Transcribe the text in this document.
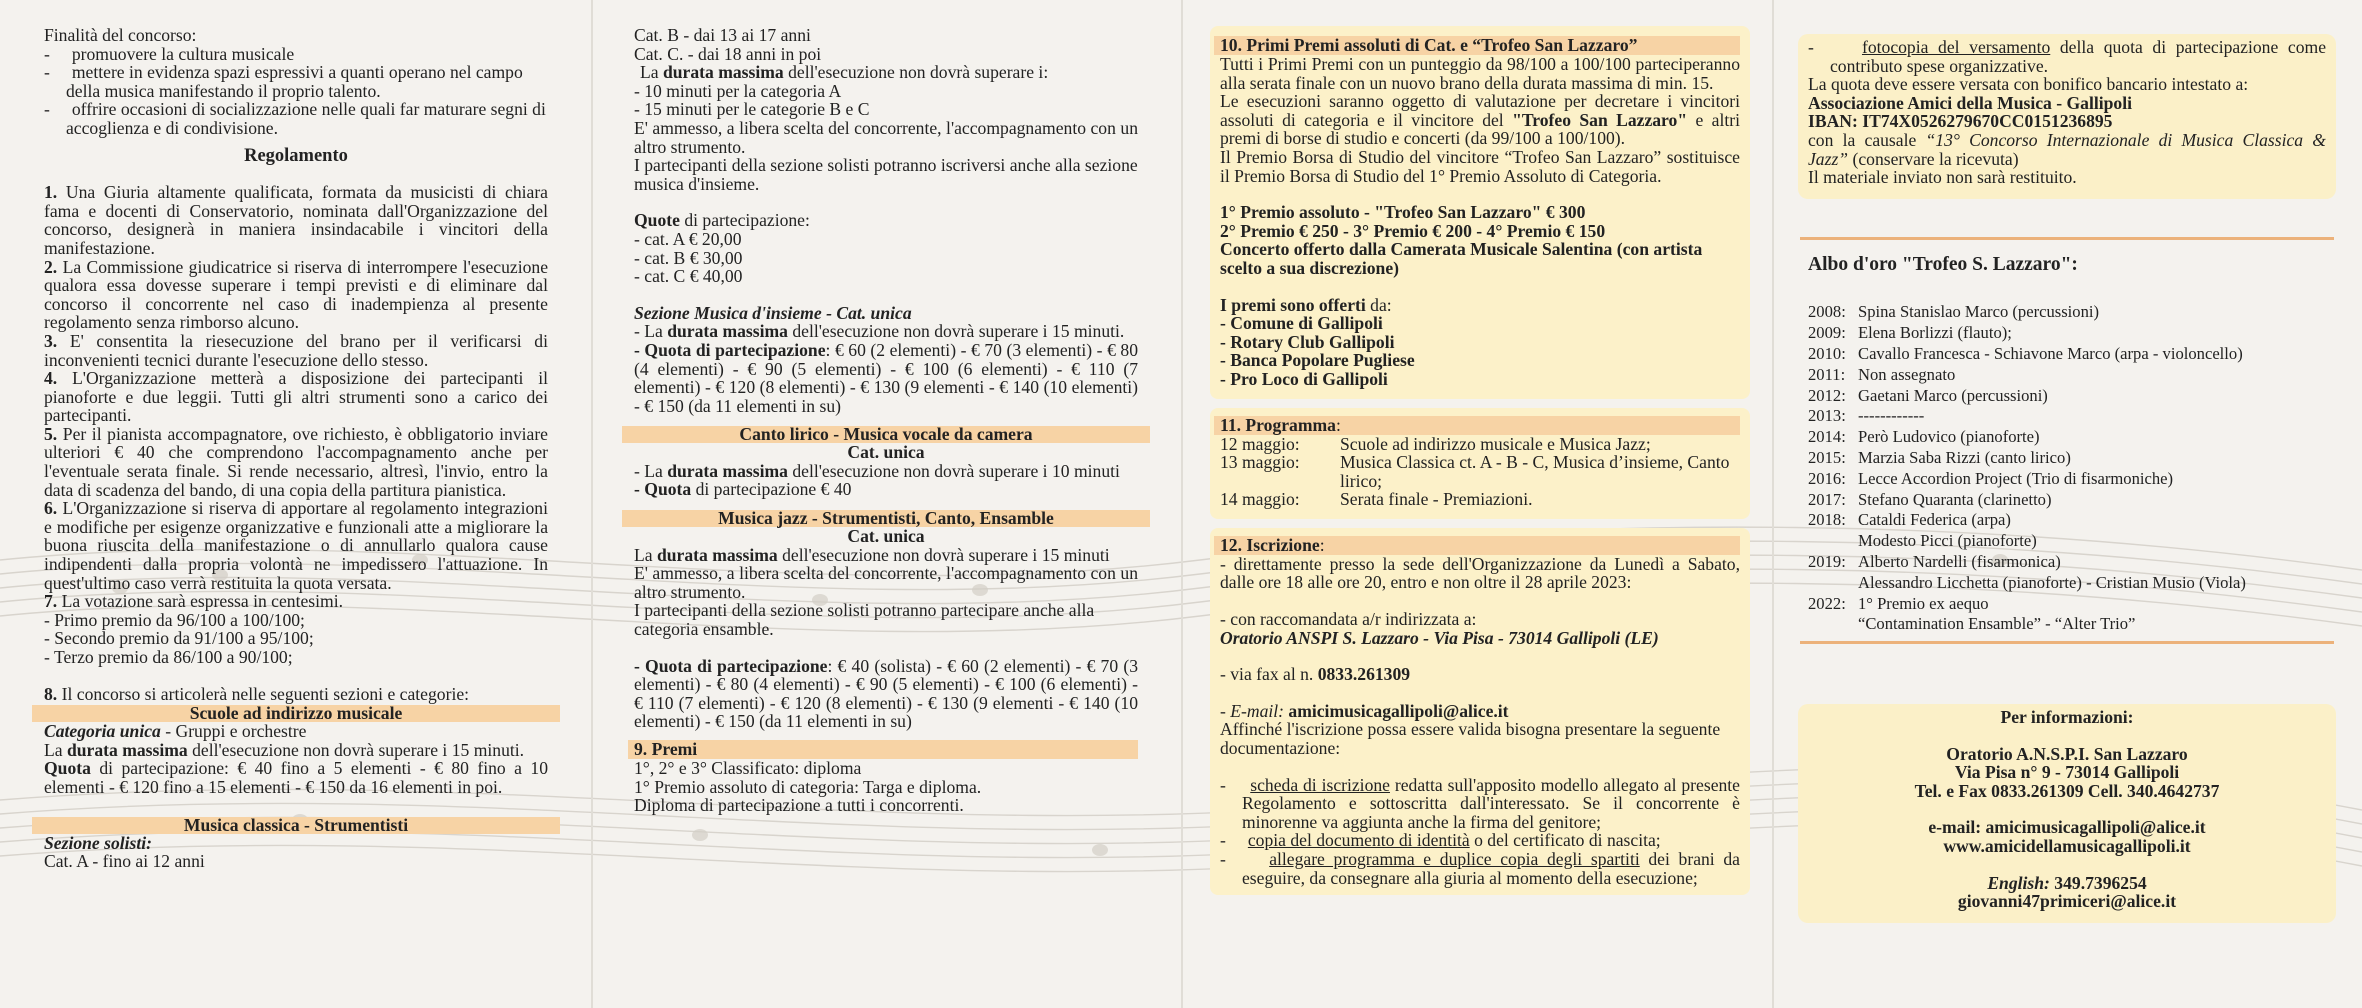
Finalità del concorso:

-     promuovere la cultura musicale

-     mettere in evidenza spazi espressivi a quanti operano nel campo della musica manifestando il proprio talento.

-     offrire occasioni di socializzazione nelle quali far maturare segni di accoglienza e di condivisione.

Regolamento

1. Una Giuria altamente qualificata, formata da musicisti di chiara fama e docenti di Conservatorio, nominata dall'Organizzazione del concorso, designerà in maniera insindacabile i vincitori della manifestazione.

2. La Commissione giudicatrice si riserva di interrompere l'esecuzione qualora essa dovesse superare i tempi previsti e di eliminare dal concorso il concorrente nel caso di inadempienza al presente regolamento senza rimborso alcuno.

3. E' consentita la riesecuzione del brano per il verificarsi di inconvenienti tecnici durante l'esecuzione dello stesso.

4. L'Organizzazione metterà a disposizione dei partecipanti il pianoforte e due leggii. Tutti gli altri strumenti sono a carico dei partecipanti.

5. Per il pianista accompagnatore, ove richiesto, è obbligatorio inviare ulteriori € 40 che comprendono l'accompagnamento anche per l'eventuale serata finale. Si rende necessario, altresì, l'invio, entro la data di scadenza del bando, di una copia della partitura pianistica.

6. L'Organizzazione si riserva di apportare al regolamento integrazioni e modifiche per esigenze organizzative e funzionali atte a migliorare la buona riuscita della manifestazione o di annullarlo qualora cause indipendenti dalla propria volontà ne impedissero l'attuazione. In quest'ultimo caso verrà restituita la quota versata.

7. La votazione sarà espressa in centesimi.

- Primo premio da 96/100 a 100/100;

- Secondo premio da 91/100 a 95/100;

- Terzo premio da 86/100 a 90/100;

8. Il concorso si articolerà nelle seguenti sezioni e categorie:

Scuole ad indirizzo musicale

Categoria unica - Gruppi e orchestre

La durata massima dell'esecuzione non dovrà superare i 15 minuti.

Quota di partecipazione: € 40 fino a 5 elementi - € 80 fino a 10 elementi - € 120 fino a 15 elementi - € 150 da 16 elementi in poi.

Musica classica - Strumentisti

Sezione solisti:

Cat. A - fino ai 12 anni

Cat. B - dai 13 ai 17 anni

Cat. C. - dai 18 anni in poi

La durata massima dell'esecuzione non dovrà superare i:

- 10 minuti per la categoria A

- 15 minuti per le categorie B e C

E' ammesso, a libera scelta del concorrente, l'accompagnamento con un altro strumento.

I partecipanti della sezione solisti potranno iscriversi anche alla sezione musica d'insieme.

Quote di partecipazione:

- cat. A € 20,00

- cat. B € 30,00

- cat. C € 40,00

Sezione Musica d'insieme - Cat. unica

- La durata massima dell'esecuzione non dovrà superare i 15 minuti.

- Quota di partecipazione: € 60 (2 elementi) - € 70 (3 elementi) - € 80 (4 elementi) - € 90 (5 elementi) - € 100 (6 elementi) - € 110 (7 elementi) - € 120 (8 elementi) - € 130 (9 elementi - € 140 (10 elementi) - € 150 (da 11 elementi in su)

Canto lirico - Musica vocale da camera

Cat. unica

- La durata massima dell'esecuzione non dovrà superare i 10 minuti

- Quota di partecipazione € 40

Musica jazz - Strumentisti, Canto, Ensamble

Cat. unica

La durata massima dell'esecuzione non dovrà superare i 15 minuti

E' ammesso, a libera scelta del concorrente, l'accompagnamento con un altro strumento.

I partecipanti della sezione solisti potranno partecipare anche alla categoria ensamble.

- Quota di partecipazione: € 40 (solista) - € 60 (2 elementi) - € 70 (3 elementi) - € 80 (4 elementi) - € 90 (5 elementi) - € 100 (6 elementi) - € 110 (7 elementi) - € 120 (8 elementi) - € 130 (9 elementi - € 140 (10 elementi) - € 150 (da 11 elementi in su)

9. Premi

1°, 2° e 3° Classificato: diploma

1° Premio assoluto di categoria: Targa e diploma.

Diploma di partecipazione a tutti i concorrenti.

10. Primi Premi assoluti di Cat. e “Trofeo San Lazzaro”

Tutti i Primi Premi con un punteggio da 98/100 a 100/100 parteciperanno alla serata finale con un nuovo brano della durata massima di min. 15.

Le esecuzioni saranno oggetto di valutazione per decretare i vincitori assoluti di categoria e il vincitore del "Trofeo San Lazzaro" e altri premi di borse di studio e concerti (da 99/100 a 100/100).

Il Premio Borsa di Studio del vincitore “Trofeo San Lazzaro” sostituisce il Premio Borsa di Studio del 1° Premio Assoluto di Categoria.

1° Premio assoluto - "Trofeo San Lazzaro" € 300

2° Premio € 250 - 3° Premio € 200 - 4° Premio € 150

Concerto offerto dalla Camerata Musicale Salentina (con artista scelto a sua discrezione)

I premi sono offerti da:

- Comune di Gallipoli

- Rotary Club Gallipoli

- Banca Popolare Pugliese

- Pro Loco di Gallipoli

11. Programma:
12 maggio:	Scuole ad indirizzo musicale e Musica Jazz;
13 maggio:	Musica Classica ct. A - B - C, Musica d’insieme, Canto lirico;
14 maggio:	Serata finale - Premiazioni.
12. Iscrizione:

- direttamente presso la sede dell'Organizzazione da Lunedì a Sabato, dalle ore 18 alle ore 20, entro e non oltre il 28 aprile 2023:

- con raccomandata a/r indirizzata a:

Oratorio ANSPI S. Lazzaro - Via Pisa - 73014 Gallipoli (LE)

- via fax al n. 0833.261309

- E-mail: amicimusicagallipoli@alice.it

Affinché l'iscrizione possa essere valida bisogna presentare la seguente documentazione:

-     scheda di iscrizione redatta sull'apposito modello allegato al presente Regolamento e sottoscritta dall'interessato. Se il concorrente è minorenne va aggiunta anche la firma del genitore;

-     copia del documento di identità o del certificato di nascita;

-     allegare programma e duplice copia degli spartiti dei brani da eseguire, da consegnare alla giuria al momento della esecuzione;

-     fotocopia del versamento della quota di partecipazione come contributo spese organizzative.

La quota deve essere versata con bonifico bancario intestato a:

Associazione Amici della Musica - Gallipoli

IBAN: IT74X0526279670CC0151236895

con la causale “13° Concorso Internazionale di Musica Classica & Jazz” (conservare la ricevuta)

Il materiale inviato non sarà restituito.

Albo d'oro "Trofeo S. Lazzaro":

2008: Spina Stanislao Marco (percussioni)
2009: Elena Borlizzi (flauto);
2010: Cavallo Francesca - Schiavone Marco (arpa - violoncello)
2011: Non assegnato
2012: Gaetani Marco (percussioni)
2013: ------------
2014: Però Ludovico (pianoforte)
2015: Marzia Saba Rizzi (canto lirico)
2016: Lecce Accordion Project (Trio di fisarmoniche)
2017: Stefano Quaranta (clarinetto)
2018: Cataldi Federica (arpa)
Modesto Picci (pianoforte)
2019: Alberto Nardelli (fisarmonica)
Alessandro Licchetta (pianoforte) - Cristian Musio (Viola)
2022: 1° Premio ex aequo
“Contamination Ensamble” - “Alter Trio”

Per informazioni:

Oratorio A.N.S.P.I. San Lazzaro

Via Pisa n° 9 - 73014 Gallipoli

Tel. e Fax 0833.261309 Cell. 340.4642737

e-mail: amicimusicagallipoli@alice.it

www.amicidellamusicagallipoli.it

English: 349.7396254

giovanni47primiceri@alice.it
